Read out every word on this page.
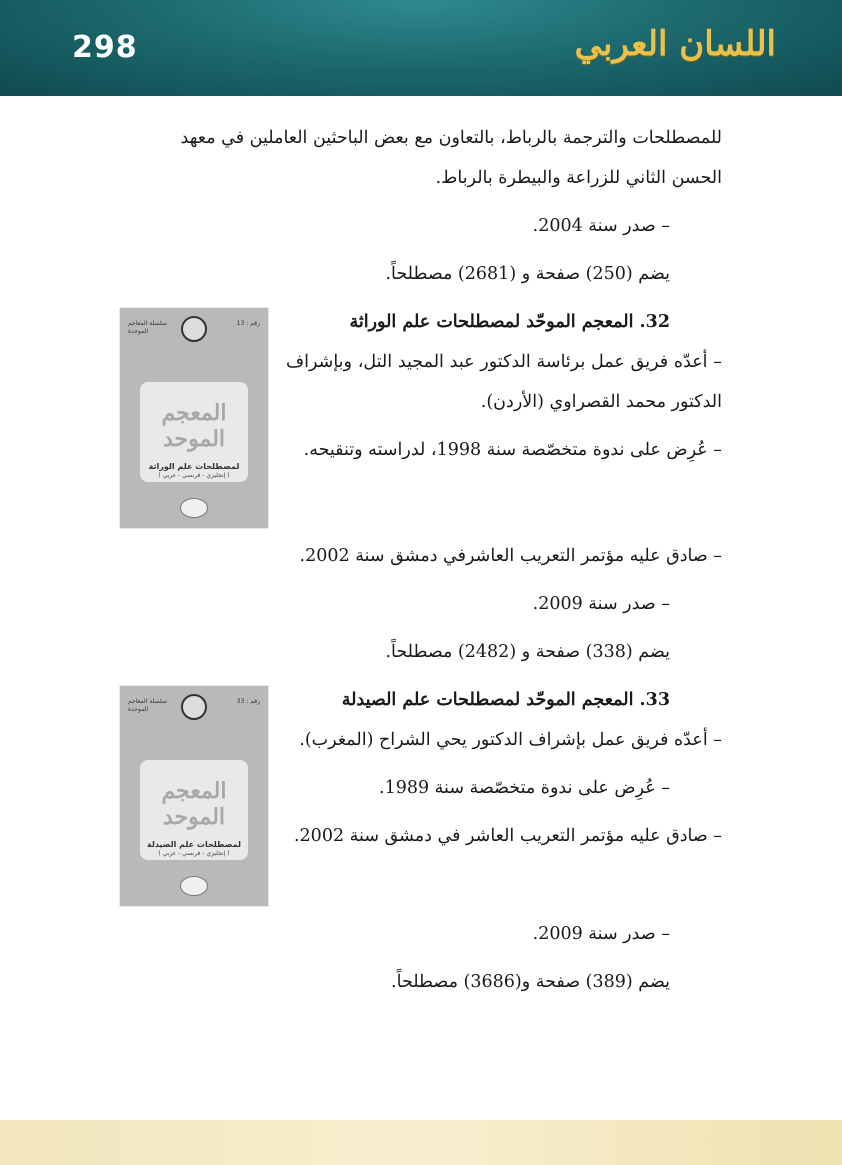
298	اللسان العربي

للمصطلحات والترجمة بالرباط، بالتعاون مع بعض الباحثين العاملين في معهد

الحسن الثاني للزراعة والبيطرة بالرباط.

– صدر سنة 2004.

يضم (250) صفحة و (2681) مصطلحاً.

32. المعجم الموحّد لمصطلحات علم الوراثة

– أعدّه فريق عمل برئاسة الدكتور عبد المجيد التل، وبإشراف الدكتور محمد القصراوي (الأردن).

– عُرِض على ندوة متخصّصة سنة 1998، لدراسته وتنقيحه.

سلسلة المعاجم الموحدة
رقم : 13
المعجم الموحد
لمصطلحات علم الوراثة
( إنجليزي - فرنسي - عربي )

– صادق عليه مؤتمر التعريب العاشرفي دمشق سنة 2002.

– صدر سنة 2009.

يضم (338) صفحة و (2482) مصطلحاً.

33. المعجم الموحّد لمصطلحات علم الصيدلة

– أعدّه فريق عمل بإشراف الدكتور يحي الشراح (المغرب).

– عُرِض على ندوة متخصّصة سنة 1989.

– صادق عليه مؤتمر التعريب العاشر في دمشق سنة 2002.

سلسلة المعاجم الموحدة
رقم : 33
المعجم الموحد
لمصطلحات علم الصيدلة
( إنجليزي - فرنسي - عربي )

– صدر سنة 2009.

يضم (389) صفحة و(3686) مصطلحاً.
